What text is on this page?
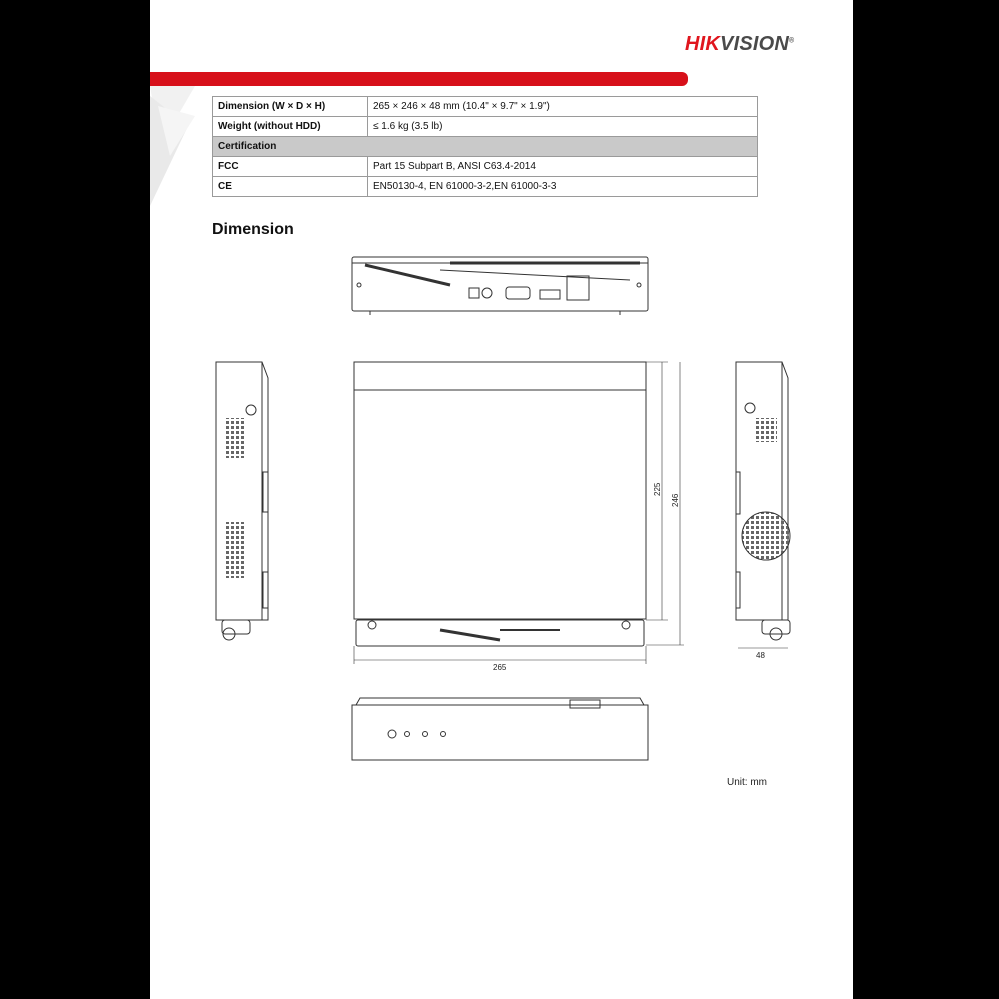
HIKVISION®
Dimension (W × D × H)	265 × 246 × 48 mm (10.4" × 9.7" × 1.9")
Weight (without HDD)	≤ 1.6 kg (3.5 lb)
Certification	
FCC	Part 15 Subpart B, ANSI C63.4-2014
CE	EN50130-4, EN 61000-3-2,EN 61000-3-3
Dimension
225
246
265
48
Unit: mm
